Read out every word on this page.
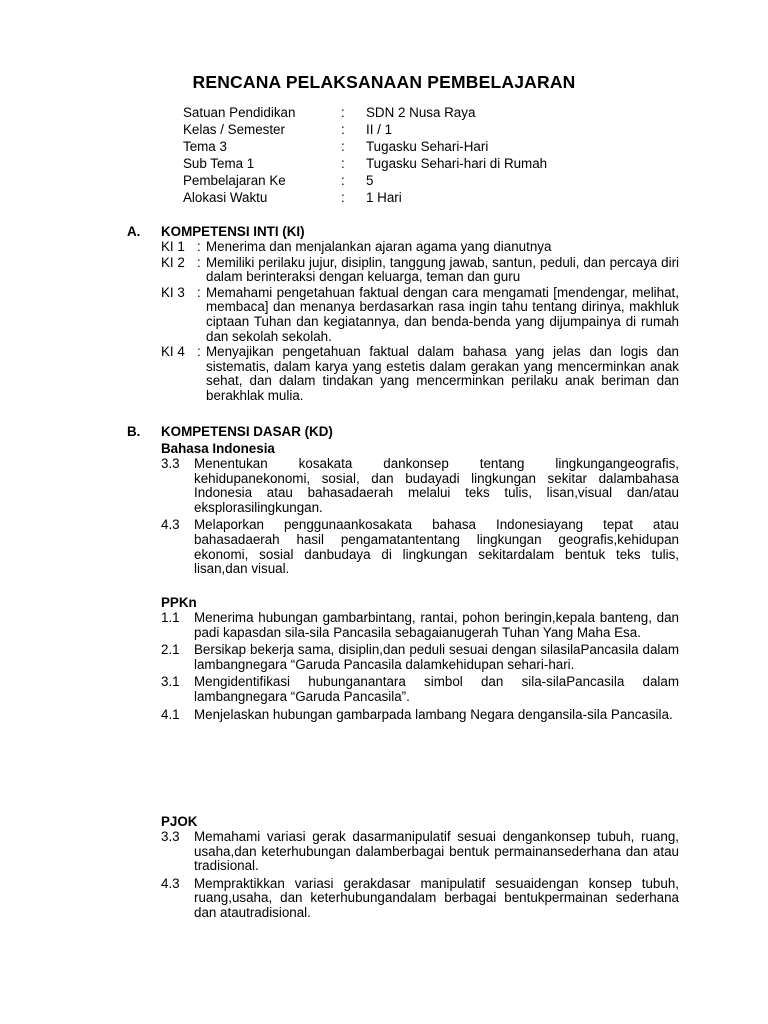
RENCANA PELAKSANAAN PEMBELAJARAN
Satuan Pendidikan	:	SDN 2 Nusa Raya
Kelas / Semester	:	II / 1
Tema 3	:	Tugasku Sehari-Hari
Sub Tema 1	:	Tugasku Sehari-hari di Rumah
Pembelajaran Ke	:	5
Alokasi Waktu	:	1 Hari
A.	KOMPETENSI INTI (KI)
KI 1 : Menerima dan menjalankan ajaran agama yang dianutnya
KI 2 : Memiliki perilaku jujur, disiplin, tanggung jawab, santun, peduli, dan percaya diri dalam berinteraksi dengan keluarga, teman dan guru
KI 3 : Memahami pengetahuan faktual dengan cara mengamati [mendengar, melihat, membaca] dan menanya berdasarkan rasa ingin tahu tentang dirinya, makhluk ciptaan Tuhan dan kegiatannya, dan benda-benda yang dijumpainya di rumah dan sekolah sekolah.
KI 4 : Menyajikan pengetahuan faktual dalam bahasa yang jelas dan logis dan sistematis, dalam karya yang estetis dalam gerakan yang mencerminkan anak sehat, dan dalam tindakan yang mencerminkan perilaku anak beriman dan berakhlak mulia.
B.	KOMPETENSI DASAR (KD)
Bahasa Indonesia
3.3	Menentukan kosakata dankonsep tentang lingkungangeografis, kehidupanekonomi, sosial, dan budayadi lingkungan sekitar dalambahasa Indonesia atau bahasadaerah melalui teks tulis, lisan,visual dan/atau eksplorasilingkungan.
4.3	Melaporkan penggunaankosakata bahasa Indonesiayang tepat atau bahasadaerah hasil pengamatantentang lingkungan geografis,kehidupan ekonomi, sosial danbudaya di lingkungan sekitardalam bentuk teks tulis, lisan,dan visual.
PPKn
1.1	Menerima hubungan gambarbintang, rantai, pohon beringin,kepala banteng, dan padi kapasdan sila-sila Pancasila sebagaianugerah Tuhan Yang Maha Esa.
2.1	Bersikap bekerja sama, disiplin,dan peduli sesuai dengan silasilaPancasila dalam lambangnegara “Garuda Pancasila dalamkehidupan sehari-hari.
3.1	Mengidentifikasi hubunganantara simbol dan sila-silaPancasila dalam lambangnegara “Garuda Pancasila”.
4.1	Menjelaskan hubungan gambarpada lambang Negara dengansila-sila Pancasila.
PJOK
3.3	Memahami variasi gerak dasarmanipulatif sesuai dengankonsep tubuh, ruang, usaha,dan keterhubungan dalamberbagai bentuk permainansederhana dan atau tradisional.
4.3	Mempraktikkan variasi gerakdasar manipulatif sesuaidengan konsep tubuh, ruang,usaha, dan keterhubungandalam berbagai bentukpermainan sederhana dan atautradisional.
